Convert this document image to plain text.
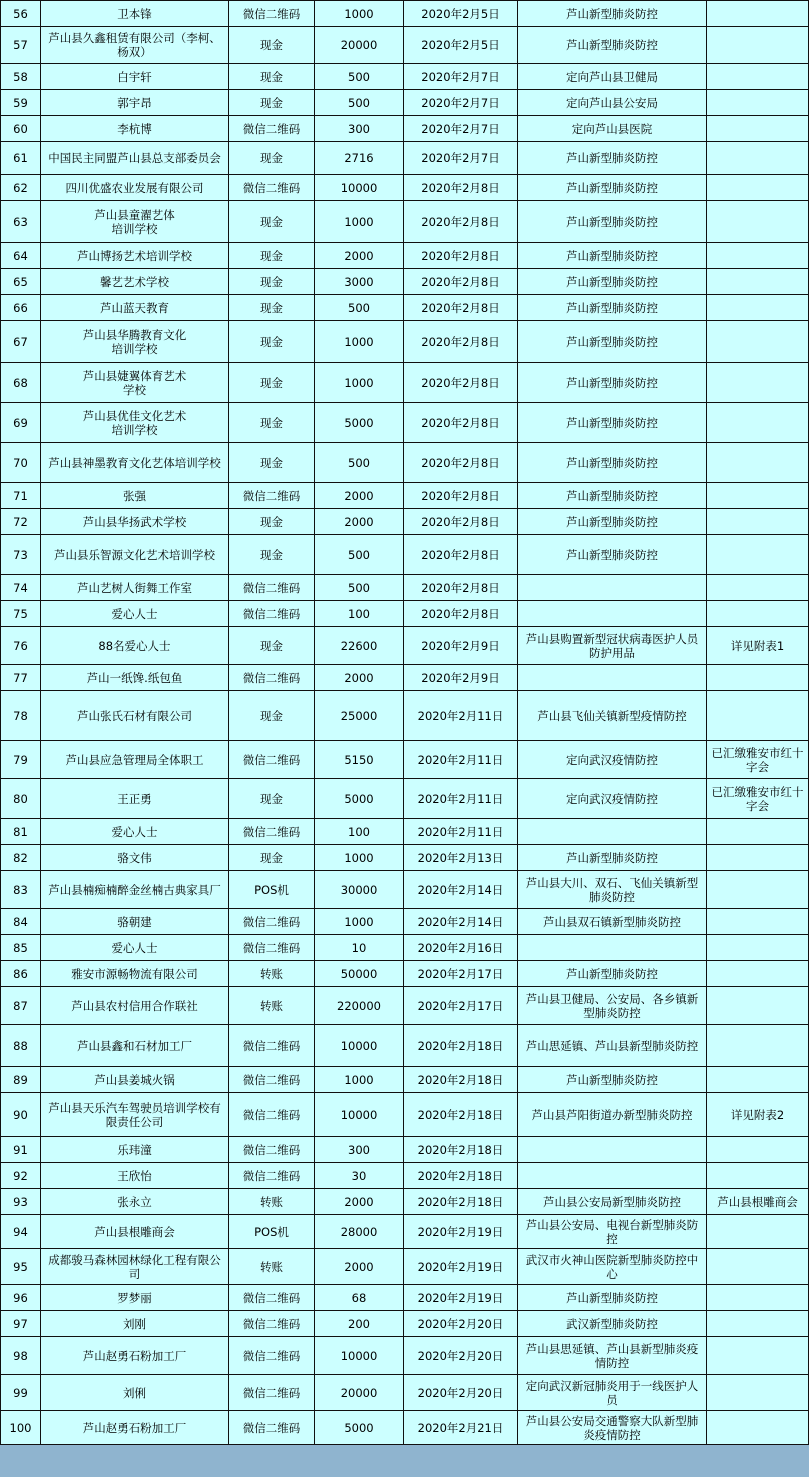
56	卫本锋	微信二维码	1000	2020年2月5日	芦山新型肺炎防控	
57	芦山县久鑫租赁有限公司（李柯、杨双）	现金	20000	2020年2月5日	芦山新型肺炎防控	
58	白宇轩	现金	500	2020年2月7日	定向芦山县卫健局	
59	郭宇昂	现金	500	2020年2月7日	定向芦山县公安局	
60	李杭博	微信二维码	300	2020年2月7日	定向芦山县医院	
61	中国民主同盟芦山县总支部委员会	现金	2716	2020年2月7日	芦山新型肺炎防控	
62	四川优盛农业发展有限公司	微信二维码	10000	2020年2月8日	芦山新型肺炎防控	
63	芦山县童濯艺体
培训学校	现金	1000	2020年2月8日	芦山新型肺炎防控	
64	芦山博扬艺术培训学校	现金	2000	2020年2月8日	芦山新型肺炎防控	
65	馨艺艺术学校	现金	3000	2020年2月8日	芦山新型肺炎防控	
66	芦山蓝天教育	现金	500	2020年2月8日	芦山新型肺炎防控	
67	芦山县华腾教育文化
培训学校	现金	1000	2020年2月8日	芦山新型肺炎防控	
68	芦山县婕翼体育艺术
学校	现金	1000	2020年2月8日	芦山新型肺炎防控	
69	芦山县优佳文化艺术
培训学校	现金	5000	2020年2月8日	芦山新型肺炎防控	
70	芦山县神墨教育文化艺体培训学校	现金	500	2020年2月8日	芦山新型肺炎防控	
71	张强	微信二维码	2000	2020年2月8日	芦山新型肺炎防控	
72	芦山县华扬武术学校	现金	2000	2020年2月8日	芦山新型肺炎防控	
73	芦山县乐智源文化艺术培训学校	现金	500	2020年2月8日	芦山新型肺炎防控	
74	芦山艺树人街舞工作室	微信二维码	500	2020年2月8日		
75	爱心人士	微信二维码	100	2020年2月8日		
76	88名爱心人士	现金	22600	2020年2月9日	芦山县购置新型冠状病毒医护人员防护用品	详见附表1
77	芦山一纸馋.纸包鱼	微信二维码	2000	2020年2月9日		
78	芦山张氏石材有限公司	现金	25000	2020年2月11日	芦山县飞仙关镇新型疫情防控	
79	芦山县应急管理局全体职工	微信二维码	5150	2020年2月11日	定向武汉疫情防控	已汇缴雅安市红十字会
80	王正勇	现金	5000	2020年2月11日	定向武汉疫情防控	已汇缴雅安市红十字会
81	爱心人士	微信二维码	100	2020年2月11日		
82	骆文伟	现金	1000	2020年2月13日	芦山新型肺炎防控	
83	芦山县楠痴楠醉金丝楠古典家具厂	POS机	30000	2020年2月14日	芦山县大川、双石、飞仙关镇新型肺炎防控	
84	骆朝建	微信二维码	1000	2020年2月14日	芦山县双石镇新型肺炎防控	
85	爱心人士	微信二维码	10	2020年2月16日		
86	雅安市源畅物流有限公司	转账	50000	2020年2月17日	芦山新型肺炎防控	
87	芦山县农村信用合作联社	转账	220000	2020年2月17日	芦山县卫健局、公安局、各乡镇新型肺炎防控	
88	芦山县鑫和石材加工厂	微信二维码	10000	2020年2月18日	芦山思延镇、芦山县新型肺炎防控	
89	芦山县姜城火锅	微信二维码	1000	2020年2月18日	芦山新型肺炎防控	
90	芦山县天乐汽车驾驶员培训学校有限责任公司	微信二维码	10000	2020年2月18日	芦山县芦阳街道办新型肺炎防控	详见附表2
91	乐玮潼	微信二维码	300	2020年2月18日		
92	王欣怡	微信二维码	30	2020年2月18日		
93	张永立	转账	2000	2020年2月18日	芦山县公安局新型肺炎防控	芦山县根雕商会
94	芦山县根雕商会	POS机	28000	2020年2月19日	芦山县公安局、电视台新型肺炎防控	
95	成都骏马森林园林绿化工程有限公司	转账	2000	2020年2月19日	武汉市火神山医院新型肺炎防控中心	
96	罗梦丽	微信二维码	68	2020年2月19日	芦山新型肺炎防控	
97	刘刚	微信二维码	200	2020年2月20日	武汉新型肺炎防控	
98	芦山赵勇石粉加工厂	微信二维码	10000	2020年2月20日	芦山县思延镇、芦山县新型肺炎疫情防控	
99	刘俐	微信二维码	20000	2020年2月20日	定向武汉新冠肺炎用于一线医护人员	
100	芦山赵勇石粉加工厂	微信二维码	5000	2020年2月21日	芦山县公安局交通警察大队新型肺炎疫情防控	
